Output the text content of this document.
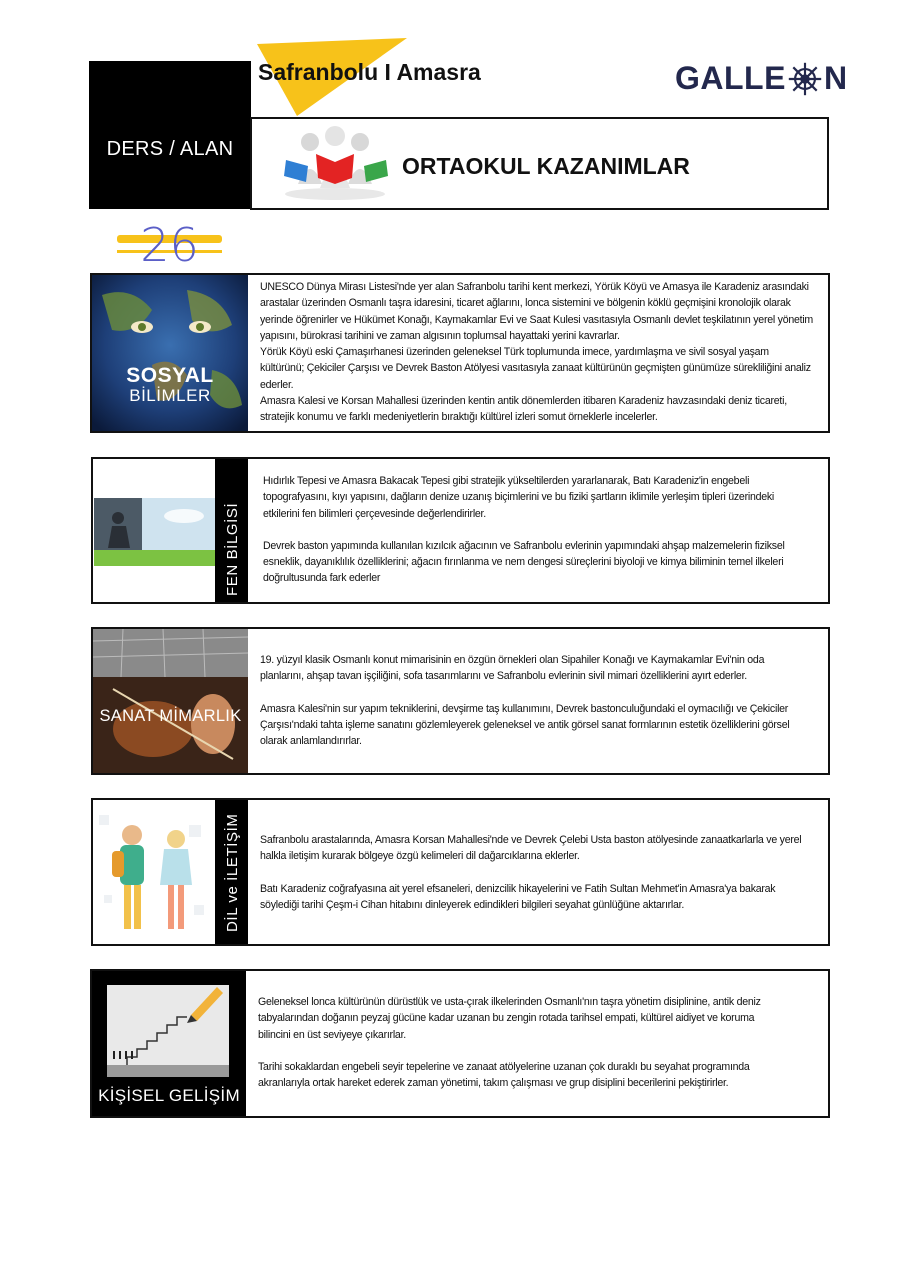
DERS / ALAN
Safranbolu I Amasra	GALLE N
ORTAOKUL KAZANIMLAR
26
SOSYAL
BİLİMLER

UNESCO Dünya Mirası Listesi'nde yer alan Safranbolu tarihi kent merkezi, Yörük Köyü ve Amasya ile Karadeniz arasındaki arastalar üzerinden Osmanlı taşra idaresini, ticaret ağlarını, lonca sistemini ve bölgenin köklü geçmişini kronolojik olarak yerinde öğrenirler ve Hükümet Konağı, Kaymakamlar Evi ve Saat Kulesi vasıtasıyla Osmanlı devlet teşkilatının yerel yönetim yapısını, bürokrasi tarihini ve zaman algısının toplumsal hayattaki yerini kavrarlar.

Yörük Köyü eski Çamaşırhanesi üzerinden geleneksel Türk toplumunda imece, yardımlaşma ve sivil sosyal yaşam kültürünü; Çekiciler Çarşısı ve Devrek Baston Atölyesi vasıtasıyla zanaat kültürünün geçmişten günümüze sürekliliğini analiz ederler.

Amasra Kalesi ve Korsan Mahallesi üzerinden kentin antik dönemlerden itibaren Karadeniz havzasındaki deniz ticareti, stratejik konumu ve farklı medeniyetlerin bıraktığı kültürel izleri somut örneklerle incelerler.

FEN BİLGİSİ

Hıdırlık Tepesi ve Amasra Bakacak Tepesi gibi stratejik yükseltilerden yararlanarak, Batı Karadeniz'in engebeli topografyasını, kıyı yapısını, dağların denize uzanış biçimlerini ve bu fiziki şartların iklimile yerleşim tipleri üzerindeki etkilerini fen bilimleri çerçevesinde değerlendirirler.

Devrek baston yapımında kullanılan kızılcık ağacının ve Safranbolu evlerinin yapımındaki ahşap malzemelerin fiziksel esneklik, dayanıklılık özelliklerini; ağacın fırınlanma ve nem dengesi süreçlerini biyoloji ve kimya biliminin temel ilkeleri doğrultusunda fark ederler

SANAT MİMARLIK

19. yüzyıl klasik Osmanlı konut mimarisinin en özgün örnekleri olan Sipahiler Konağı ve Kaymakamlar Evi'nin oda planlarını, ahşap tavan işçiliğini, sofa tasarımlarını ve Safranbolu evlerinin sivil mimari özelliklerini ayırt ederler.

Amasra Kalesi'nin sur yapım tekniklerini, devşirme taş kullanımını, Devrek bastonculuğundaki el oymacılığı ve Çekiciler Çarşısı'ndaki tahta işleme sanatını gözlemleyerek geleneksel ve antik görsel sanat formlarının estetik özelliklerini görsel olarak anlamlandırırlar.

DİL ve İLETİŞİM Safranbolu arastalarında, Amasra Korsan Mahallesi'nde ve Devrek Çelebi Usta baston atölyesinde zanaatkarlarla ve yerel halkla iletişim kurarak bölgeye özgü kelimeleri dil dağarcıklarına eklerler.

Batı Karadeniz coğrafyasına ait yerel efsaneleri, denizcilik hikayelerini ve Fatih Sultan Mehmet'in Amasra'ya bakarak söylediği tarihi Çeşm-i Cihan hitabını dinleyerek edindikleri bilgileri seyahat günlüğüne aktarırlar.

KİŞİSEL GELİŞİM

Geleneksel lonca kültürünün dürüstlük ve usta-çırak ilkelerinden Osmanlı'nın taşra yönetim disiplinine, antik deniz tabyalarından doğanın peyzaj gücüne kadar uzanan bu zengin rotada tarihsel empati, kültürel aidiyet ve koruma bilincini en üst seviyeye çıkarırlar.

Tarihi sokaklardan engebeli seyir tepelerine ve zanaat atölyelerine uzanan çok duraklı bu seyahat programında akranlarıyla ortak hareket ederek zaman yönetimi, takım çalışması ve grup disiplini becerilerini pekiştirirler.
